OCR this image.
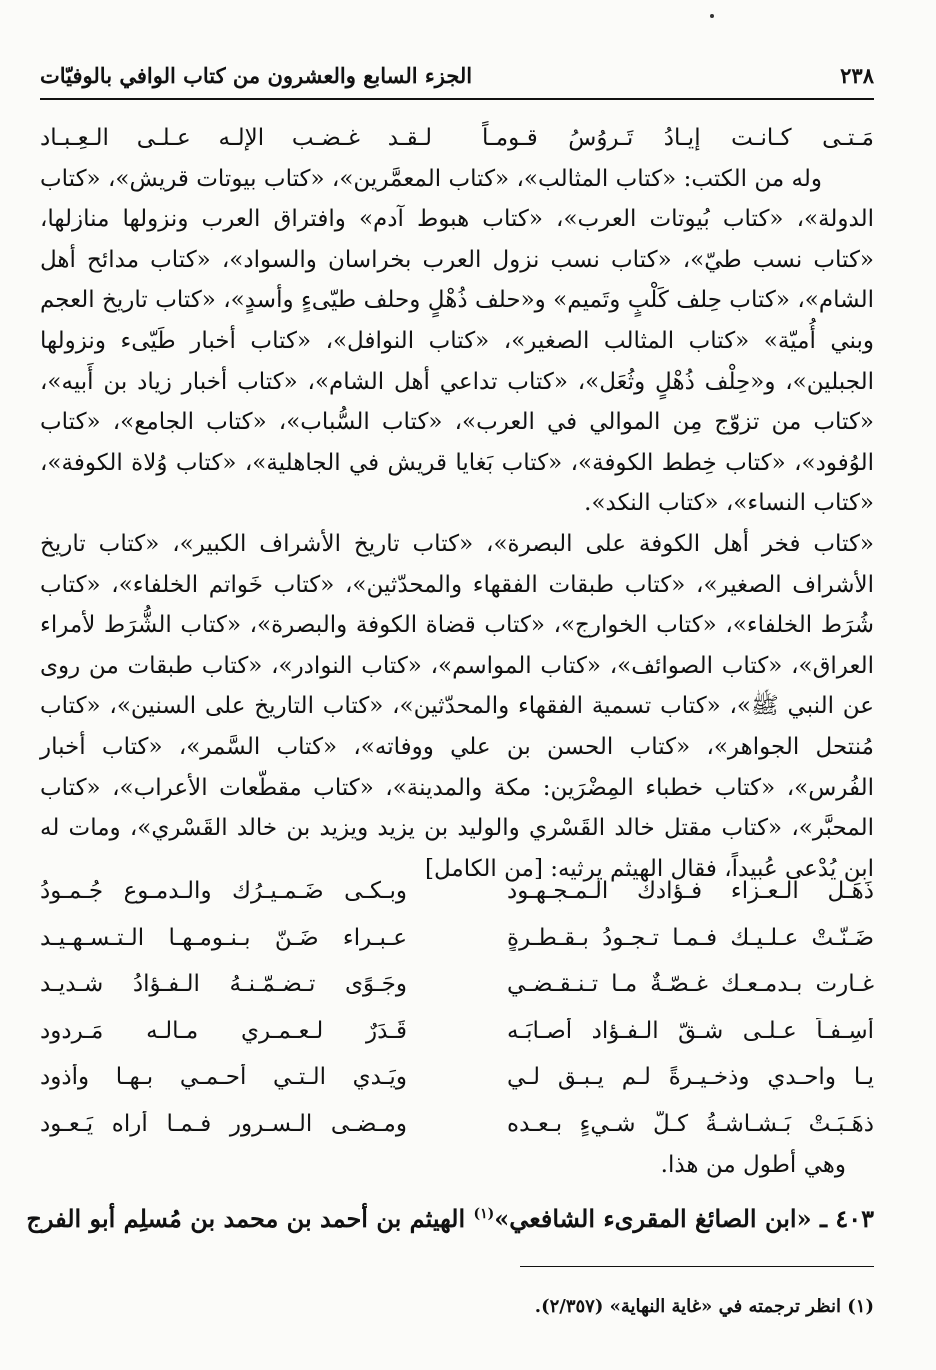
٢٣٨
الجزء السابع والعشرون من كتاب الوافي بالوفيّات
مَـتـى كـانـت إيـادُ تَـروُسُ قـومـاً
لـقـد غـضـب الإلـه عـلـى الـعِـبـاد

وله من الكتب: «كتاب المثالب»، «كتاب المعمَّرين»، «كتاب بيوتات قريش»، «كتاب الدولة»، «كتاب بُيوتات العرب»، «كتاب هبوط آدم» وافتراق العرب ونزولها منازلها، «كتاب نسب طيّ»، «كتاب نسب نزول العرب بخراسان والسواد»، «كتاب مدائح أهل الشام»، «كتاب حِلف كَلْبٍ وتَميم» و«حلف ذُهْلٍ وحلف طيّىءٍ وأسدٍ»، «كتاب تاريخ العجم وبني أُميّة» «كتاب المثالب الصغير»، «كتاب النوافل»، «كتاب أخبار طَيّىء ونزولها الجبلين»، و«حِلْف ذُهْلٍ وثُعَل»، «كتاب تداعي أهل الشام»، «كتاب أخبار زياد بن أَبيه»، «كتاب من تزوّج مِن الموالي في العرب»، «كتاب السُّباب»، «كتاب الجامع»، «كتاب الوُفود»، «كتاب خِطط الكوفة»، «كتاب بَغايا قريش في الجاهلية»، «كتاب وُلاة الكوفة»، «كتاب النساء»، «كتاب النكد».

«كتاب فخر أهل الكوفة على البصرة»، «كتاب تاريخ الأشراف الكبير»، «كتاب تاريخ الأشراف الصغير»، «كتاب طبقات الفقهاء والمحدّثين»، «كتاب خَواتم الخلفاء»، «كتاب شُرَط الخلفاء»، «كتاب الخوارج»، «كتاب قضاة الكوفة والبصرة»، «كتاب الشُّرَط لأمراء العراق»، «كتاب الصوائف»، «كتاب المواسم»، «كتاب النوادر»، «كتاب طبقات من روى عن النبي ﷺ»، «كتاب تسمية الفقهاء والمحدّثين»، «كتاب التاريخ على السنين»، «كتاب مُنتحل الجواهر»، «كتاب الحسن بن علي ووفاته»، «كتاب السَّمر»، «كتاب أخبار الفُرس»، «كتاب خطباء المِضْرَين: مكة والمدينة»، «كتاب مقطّعات الأعراب»، «كتاب المحبَّر»، «كتاب مقتل خالد القَسْري والوليد بن يزيد ويزيد بن خالد القَسْري»، ومات له ابن يُدْعى عُبيداً، فقال الهيثم يرثيه: [من الكامل]

ذَهَـل الـعـزاء فـؤادك الـمـجـهـود
وبـكـى ضَـمـيـرُك والـدمـوع جُـمـودُ
ضَـنّـتْ عـلـيـك فـمـا تـجـودُ بـقـطـرةٍ
عـبـراء ضَـنّ بـنـومـهـا الـتـسـهـيـد
غـارت بـدمـعـك غـصّـةٌ مـا تـنـقـضـي
وجَـوًى تـضـمّـنـهُ الـفـؤادُ شـديـد
أسِـفـاً عـلـى شـقّ الـفـؤاد أصـابَـه
قَـدَرٌ لـعـمـري مـالـه مَـردود
يـا واحـدي وذخـيـرةً لـم يـبـق لـي
ويَـدي الـتـي أحـمـي بـهـا وأذود
ذهَـبَـتْ بَـشـاشـةُ كـلّ شـيءٍ بـعـده
ومـضـى الـسـرور فـمـا أراه يَـعـود
وهي أطول من هذا.
٤٠٣ ـ «ابن الصائغ المقرىء الشافعي»$^{(١)}$ الهيثم بن أحمد بن محمد بن مُسلِم أبو الفرج
(١) انظر ترجمته في «غاية النهاية» (٢/٣٥٧).
